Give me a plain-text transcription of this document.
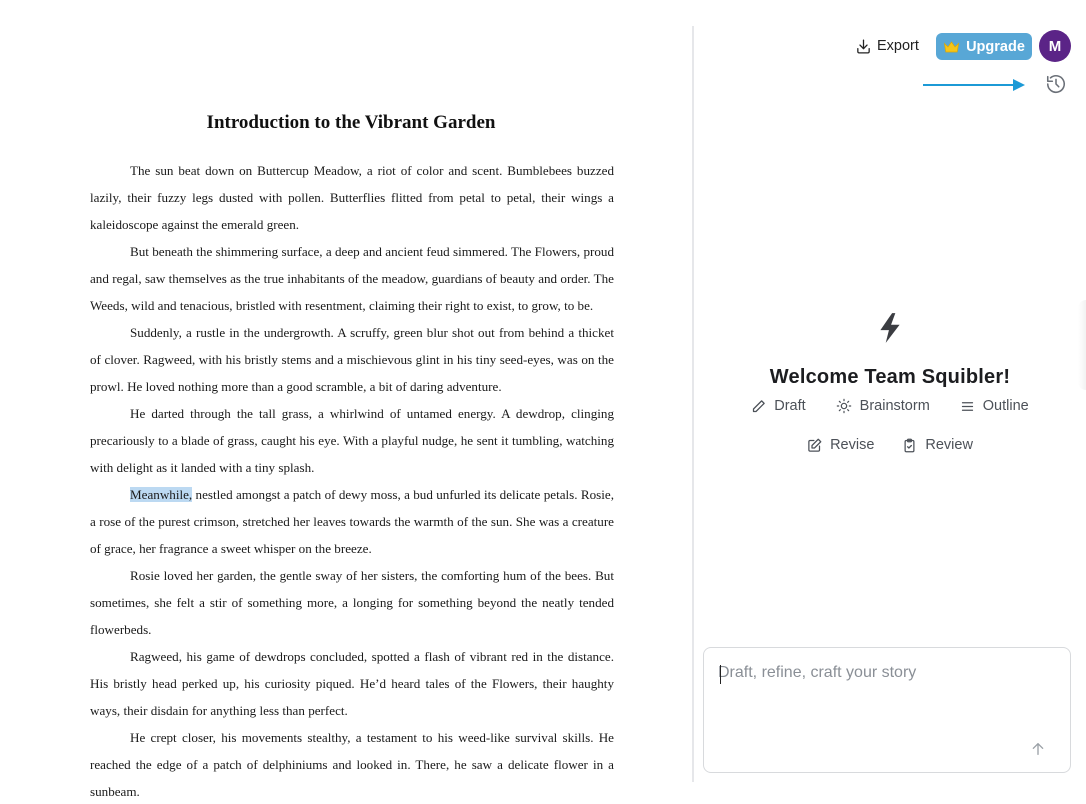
Introduction to the Vibrant Garden

The sun beat down on Buttercup Meadow, a riot of color and scent. Bumblebees buzzed lazily, their fuzzy legs dusted with pollen. Butterflies flitted from petal to petal, their wings a kaleidoscope against the emerald green.

But beneath the shimmering surface, a deep and ancient feud simmered. The Flowers, proud and regal, saw themselves as the true inhabitants of the meadow, guardians of beauty and order. The Weeds, wild and tenacious, bristled with resentment, claiming their right to exist, to grow, to be.

Suddenly, a rustle in the undergrowth. A scruffy, green blur shot out from behind a thicket of clover. Ragweed, with his bristly stems and a mischievous glint in his tiny seed-eyes, was on the prowl. He loved nothing more than a good scramble, a bit of daring adventure.

He darted through the tall grass, a whirlwind of untamed energy. A dewdrop, clinging precariously to a blade of grass, caught his eye. With a playful nudge, he sent it tumbling, watching with delight as it landed with a tiny splash.

Meanwhile, nestled amongst a patch of dewy moss, a bud unfurled its delicate petals. Rosie, a rose of the purest crimson, stretched her leaves towards the warmth of the sun. She was a creature of grace, her fragrance a sweet whisper on the breeze.

Rosie loved her garden, the gentle sway of her sisters, the comforting hum of the bees. But sometimes, she felt a stir of something more, a longing for something beyond the neatly tended flowerbeds.

Ragweed, his game of dewdrops concluded, spotted a flash of vibrant red in the distance. His bristly head perked up, his curiosity piqued. He’d heard tales of the Flowers, their haughty ways, their disdain for anything less than perfect.

He crept closer, his movements stealthy, a testament to his weed-like survival skills. He reached the edge of a patch of delphiniums and looked in. There, he saw a delicate flower in a sunbeam.

Export	Upgrade	M
Welcome Team Squibler!
Draft	Brainstorm	Outline
Revise	Review
Draft, refine, craft your story
